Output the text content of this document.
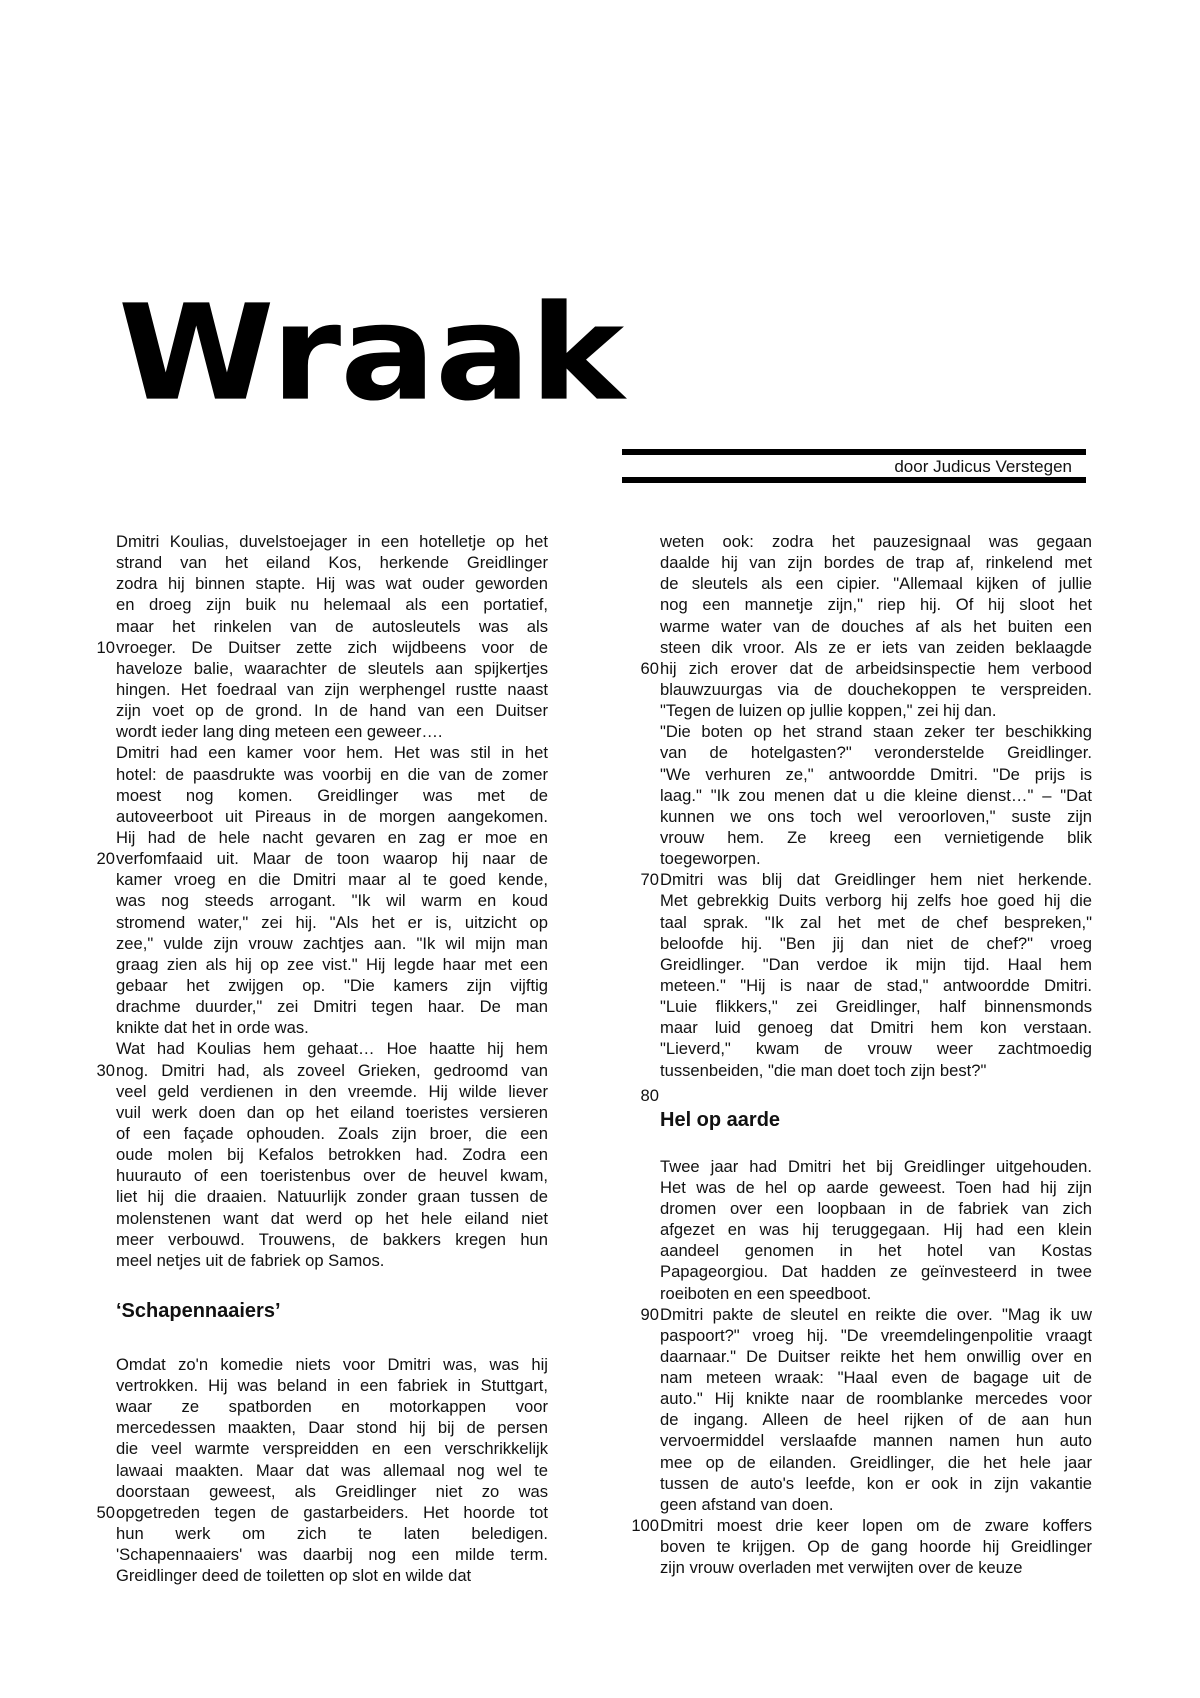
Wraak

door Judicus Verstegen

Dmitri Koulias, duvelstoejager in een hotelletje op het
strand van het eiland Kos, herkende Greidlinger
zodra hij binnen stapte. Hij was wat ouder geworden
en droeg zijn buik nu helemaal als een portatief,
maar het rinkelen van de autosleutels was als
vroeger. De Duitser zette zich wijdbeens voor de
10
haveloze balie, waarachter de sleutels aan spijkertjes
hingen. Het foedraal van zijn werphengel rustte naast
zijn voet op de grond. In de hand van een Duitser
wordt ieder lang ding meteen een geweer….
Dmitri had een kamer voor hem. Het was stil in het
hotel: de paasdrukte was voorbij en die van de zomer
moest nog komen. Greidlinger was met de
autoveerboot uit Pireaus in de morgen aangekomen.
Hij had de hele nacht gevaren en zag er moe en
verfomfaaid uit. Maar de toon waarop hij naar de
20
kamer vroeg en die Dmitri maar al te goed kende,
was nog steeds arrogant. "Ik wil warm en koud
stromend water," zei hij. "Als het er is, uitzicht op
zee," vulde zijn vrouw zachtjes aan. "Ik wil mijn man
graag zien als hij op zee vist." Hij legde haar met een
gebaar het zwijgen op. "Die kamers zijn vijftig
drachme duurder," zei Dmitri tegen haar. De man
knikte dat het in orde was.
Wat had Koulias hem gehaat… Hoe haatte hij hem
nog. Dmitri had, als zoveel Grieken, gedroomd van
30
veel geld verdienen in den vreemde. Hij wilde liever
vuil werk doen dan op het eiland toeristes versieren
of een façade ophouden. Zoals zijn broer, die een
oude molen bij Kefalos betrokken had. Zodra een
huurauto of een toeristenbus over de heuvel kwam,
liet hij die draaien. Natuurlijk zonder graan tussen de
molenstenen want dat werd op het hele eiland niet
meer verbouwd. Trouwens, de bakkers kregen hun
meel netjes uit de fabriek op Samos.
‘Schapennaaiers’
Omdat zo'n komedie niets voor Dmitri was, was hij
vertrokken. Hij was beland in een fabriek in Stuttgart,
waar ze spatborden en motorkappen voor
mercedessen maakten, Daar stond hij bij de persen
die veel warmte verspreidden en een verschrikkelijk
lawaai maakten. Maar dat was allemaal nog wel te
doorstaan geweest, als Greidlinger niet zo was
opgetreden tegen de gastarbeiders. Het hoorde tot
50
hun werk om zich te laten beledigen.
'Schapennaaiers' was daarbij nog een milde term.
Greidlinger deed de toiletten op slot en wilde dat
weten ook: zodra het pauzesignaal was gegaan
daalde hij van zijn bordes de trap af, rinkelend met
de sleutels als een cipier. "Allemaal kijken of jullie
nog een mannetje zijn," riep hij. Of hij sloot het
warme water van de douches af als het buiten een
steen dik vroor. Als ze er iets van zeiden beklaagde
hij zich erover dat de arbeidsinspectie hem verbood
60
blauwzuurgas via de douchekoppen te verspreiden.
"Tegen de luizen op jullie koppen," zei hij dan.
"Die boten op het strand staan zeker ter beschikking
van de hotelgasten?" veronderstelde Greidlinger.
"We verhuren ze," antwoordde Dmitri. "De prijs is
laag." "Ik zou menen dat u die kleine dienst…" – "Dat
kunnen we ons toch wel veroorloven," suste zijn
vrouw hem. Ze kreeg een vernietigende blik
toegeworpen.
Dmitri was blij dat Greidlinger hem niet herkende.
70
Met gebrekkig Duits verborg hij zelfs hoe goed hij die
taal sprak. "Ik zal het met de chef bespreken,"
beloofde hij. "Ben jij dan niet de chef?" vroeg
Greidlinger. "Dan verdoe ik mijn tijd. Haal hem
meteen." "Hij is naar de stad," antwoordde Dmitri.
"Luie flikkers," zei Greidlinger, half binnensmonds
maar luid genoeg dat Dmitri hem kon verstaan.
"Lieverd," kwam de vrouw weer zachtmoedig
tussenbeiden, "die man doet toch zijn best?"
80
Hel op aarde
Twee jaar had Dmitri het bij Greidlinger uitgehouden.
Het was de hel op aarde geweest. Toen had hij zijn
dromen over een loopbaan in de fabriek van zich
afgezet en was hij teruggegaan. Hij had een klein
aandeel genomen in het hotel van Kostas
Papageorgiou. Dat hadden ze geïnvesteerd in twee
roeiboten en een speedboot.
Dmitri pakte de sleutel en reikte die over. "Mag ik uw
90
paspoort?" vroeg hij. "De vreemdelingenpolitie vraagt
daarnaar." De Duitser reikte het hem onwillig over en
nam meteen wraak: "Haal even de bagage uit de
auto." Hij knikte naar de roomblanke mercedes voor
de ingang. Alleen de heel rijken of de aan hun
vervoermiddel verslaafde mannen namen hun auto
mee op de eilanden. Greidlinger, die het hele jaar
tussen de auto's leefde, kon er ook in zijn vakantie
geen afstand van doen.
Dmitri moest drie keer lopen om de zware koffers
100
boven te krijgen. Op de gang hoorde hij Greidlinger
zijn vrouw overladen met verwijten over de keuze
